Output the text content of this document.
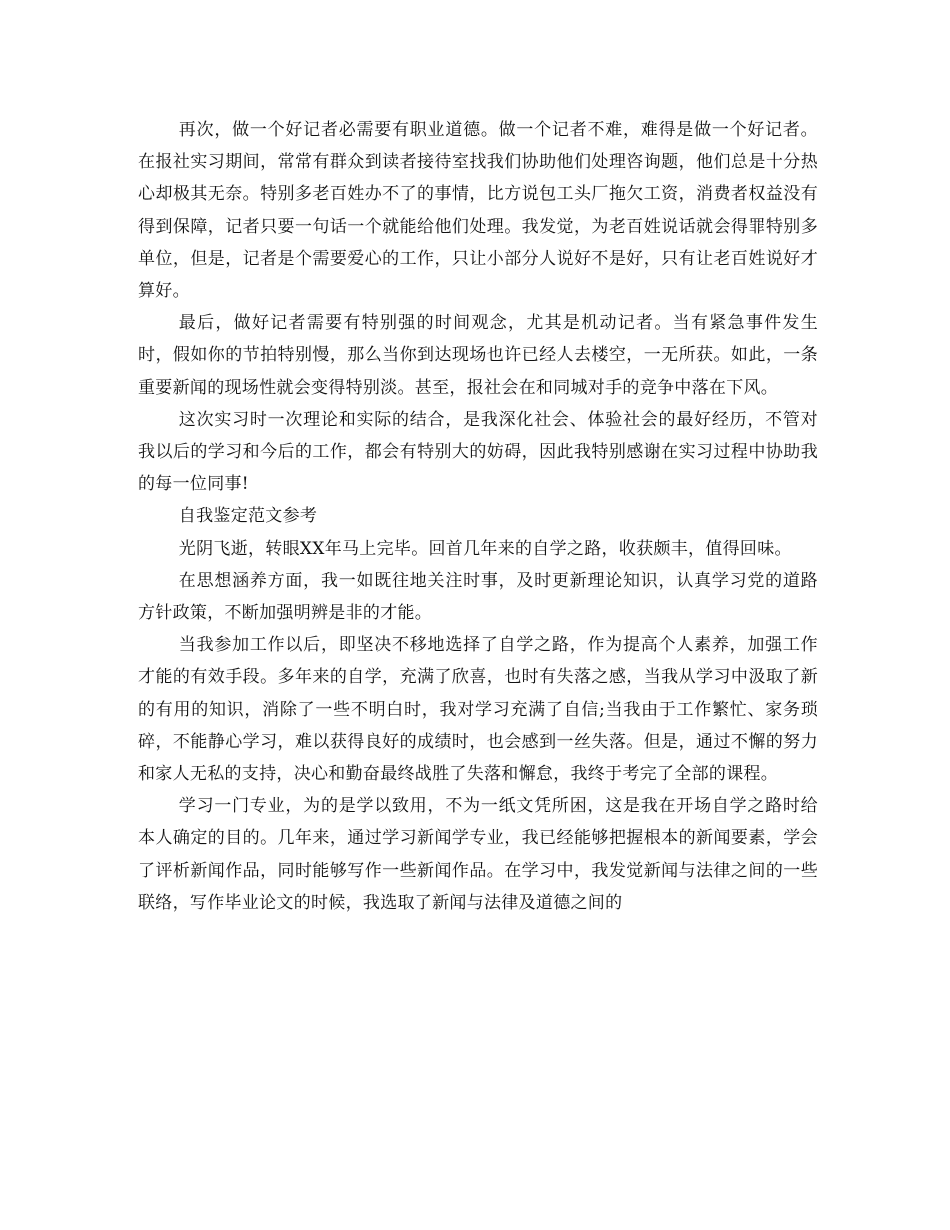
再次，做一个好记者必需要有职业道德。做一个记者不难，难得是做一个好记者。在报社实习期间，常常有群众到读者接待室找我们协助他们处理咨询题，他们总是十分热心却极其无奈。特别多老百姓办不了的事情，比方说包工头厂拖欠工资，消费者权益没有得到保障，记者只要一句话一个就能给他们处理。我发觉，为老百姓说话就会得罪特别多单位，但是，记者是个需要爱心的工作，只让小部分人说好不是好，只有让老百姓说好才算好。

最后，做好记者需要有特别强的时间观念，尤其是机动记者。当有紧急事件发生时，假如你的节拍特别慢，那么当你到达现场也许已经人去楼空，一无所获。如此，一条重要新闻的现场性就会变得特别淡。甚至，报社会在和同城对手的竞争中落在下风。

这次实习时一次理论和实际的结合，是我深化社会、体验社会的最好经历，不管对我以后的学习和今后的工作，都会有特别大的妨碍，因此我特别感谢在实习过程中协助我的每一位同事!

自我鉴定范文参考

光阴飞逝，转眼XX年马上完毕。回首几年来的自学之路，收获颇丰，值得回味。

在思想涵养方面，我一如既往地关注时事，及时更新理论知识，认真学习党的道路方针政策，不断加强明辨是非的才能。

当我参加工作以后，即坚决不移地选择了自学之路，作为提高个人素养，加强工作才能的有效手段。多年来的自学，充满了欣喜，也时有失落之感，当我从学习中汲取了新的有用的知识，消除了一些不明白时，我对学习充满了自信;当我由于工作繁忙、家务琐碎，不能静心学习，难以获得良好的成绩时，也会感到一丝失落。但是，通过不懈的努力和家人无私的支持，决心和勤奋最终战胜了失落和懈怠，我终于考完了全部的课程。

学习一门专业，为的是学以致用，不为一纸文凭所困，这是我在开场自学之路时给本人确定的目的。几年来，通过学习新闻学专业，我已经能够把握根本的新闻要素，学会了评析新闻作品，同时能够写作一些新闻作品。在学习中，我发觉新闻与法律之间的一些联络，写作毕业论文的时候，我选取了新闻与法律及道德之间的
